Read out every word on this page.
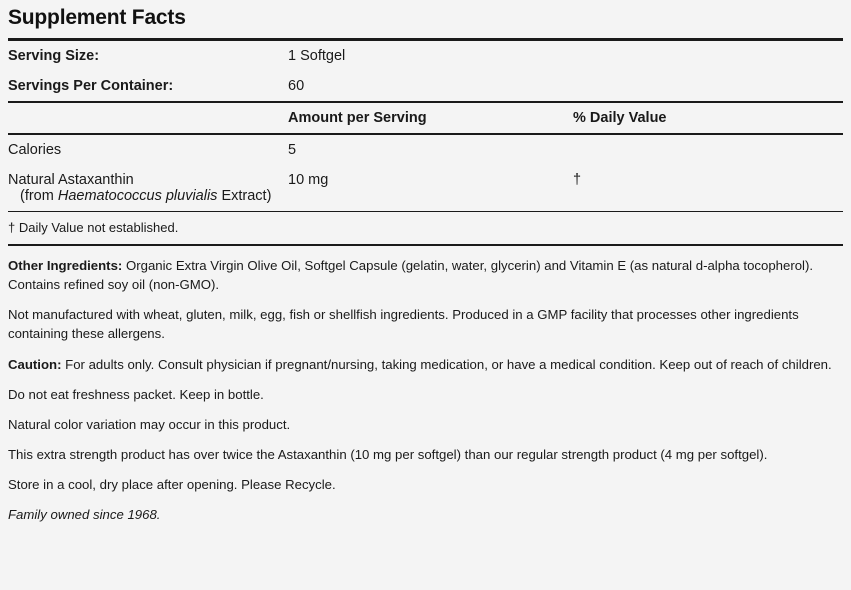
Supplement Facts
Serving Size:	1 Softgel	
Servings Per Container:	60	
	Amount per Serving	% Daily Value
Calories	5	
Natural Astaxanthin
(from Haematococcus pluvialis Extract)	10 mg	†
† Daily Value not established.

Other Ingredients: Organic Extra Virgin Olive Oil, Softgel Capsule (gelatin, water, glycerin) and Vitamin E (as natural d-alpha tocopherol). Contains refined soy oil (non-GMO).

Not manufactured with wheat, gluten, milk, egg, fish or shellfish ingredients. Produced in a GMP facility that processes other ingredients containing these allergens.

Caution: For adults only. Consult physician if pregnant/nursing, taking medication, or have a medical condition. Keep out of reach of children.

Do not eat freshness packet. Keep in bottle.

Natural color variation may occur in this product.

This extra strength product has over twice the Astaxanthin (10 mg per softgel) than our regular strength product (4 mg per softgel).

Store in a cool, dry place after opening. Please Recycle.

Family owned since 1968.
